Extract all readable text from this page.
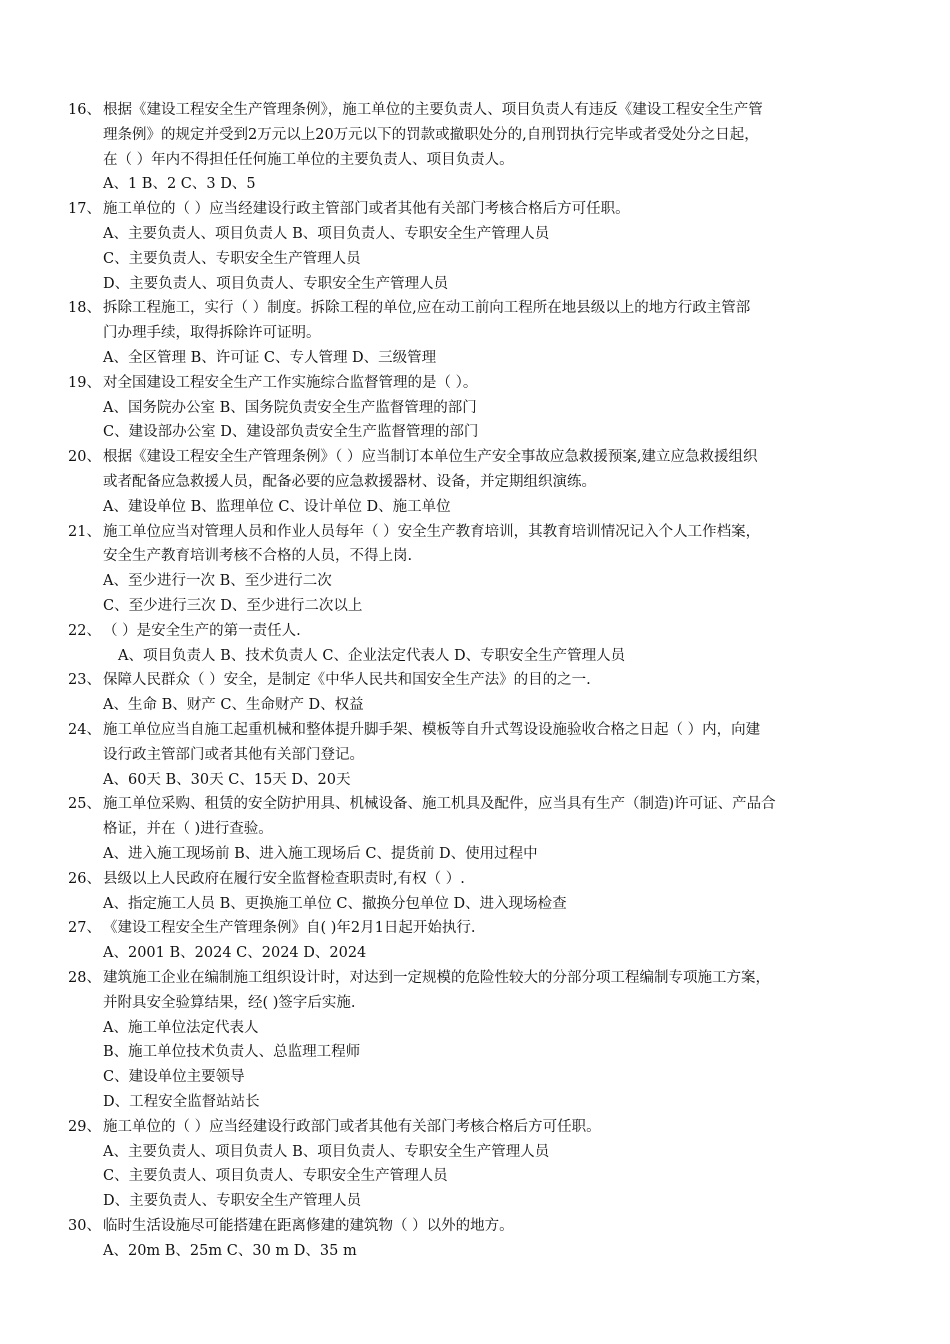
16、 根据《建设工程安全生产管理条例》，施工单位的主要负责人、项目负责人有违反《建设工程安全生产管
理条例》的规定并受到2万元以上20万元以下的罚款或撤职处分的,自刑罚执行完毕或者受处分之日起，
在（ ）年内不得担任任何施工单位的主要负责人、项目负责人。
A、1 B、2 C、3 D、5
17、 施工单位的（ ）应当经建设行政主管部门或者其他有关部门考核合格后方可任职。
A、主要负责人、项目负责人 B、项目负责人、专职安全生产管理人员
C、主要负责人、专职安全生产管理人员
D、主要负责人、项目负责人、专职安全生产管理人员
18、 拆除工程施工，实行（ ）制度。拆除工程的单位,应在动工前向工程所在地县级以上的地方行政主管部
门办理手续，取得拆除许可证明。
A、全区管理 B、许可证 C、专人管理 D、三级管理
19、 对全国建设工程安全生产工作实施综合监督管理的是（ ）。
A、国务院办公室 B、国务院负责安全生产监督管理的部门
C、建设部办公室 D、建设部负责安全生产监督管理的部门
20、 根据《建设工程安全生产管理条例》（ ）应当制订本单位生产安全事故应急救援预案,建立应急救援组织
或者配备应急救援人员，配备必要的应急救援器材、设备，并定期组织演练。
A、建设单位 B、监理单位 C、设计单位 D、施工单位
21、 施工单位应当对管理人员和作业人员每年（ ）安全生产教育培训，其教育培训情况记入个人工作档案，
安全生产教育培训考核不合格的人员，不得上岗.
A、至少进行一次 B、至少进行二次
C、至少进行三次 D、至少进行二次以上
22、 （ ）是安全生产的第一责任人.
A、项目负责人 B、技术负责人 C、企业法定代表人 D、专职安全生产管理人员
23、 保障人民群众（ ）安全，是制定《中华人民共和国安全生产法》的目的之一.
A、生命 B、财产 C、生命财产 D、权益
24、 施工单位应当自施工起重机械和整体提升脚手架、模板等自升式驾设设施验收合格之日起（ ）内，向建
设行政主管部门或者其他有关部门登记。
A、60天 B、30天 C、15天 D、20天
25、 施工单位采购、租赁的安全防护用具、机械设备、施工机具及配件，应当具有生产（制造)许可证、产品合
格证，并在（ )进行查验。
A、进入施工现场前 B、进入施工现场后 C、提货前 D、使用过程中
26、 县级以上人民政府在履行安全监督检查职责时,有权（ ）.
A、指定施工人员 B、更换施工单位 C、撤换分包单位 D、进入现场检查
27、 《建设工程安全生产管理条例》自( )年2月1日起开始执行.
A、2001 B、2024 C、2024 D、2024
28、 建筑施工企业在编制施工组织设计时，对达到一定规模的危险性较大的分部分项工程编制专项施工方案，
并附具安全验算结果，经( )签字后实施.
A、施工单位法定代表人
B、施工单位技术负责人、总监理工程师
C、建设单位主要领导
D、工程安全监督站站长
29、 施工单位的（ ）应当经建设行政部门或者其他有关部门考核合格后方可任职。
A、主要负责人、项目负责人 B、项目负责人、专职安全生产管理人员
C、主要负责人、项目负责人、专职安全生产管理人员
D、主要负责人、专职安全生产管理人员
30、 临时生活设施尽可能搭建在距离修建的建筑物（ ）以外的地方。
A、20m B、25m C、30 m D、35 m
